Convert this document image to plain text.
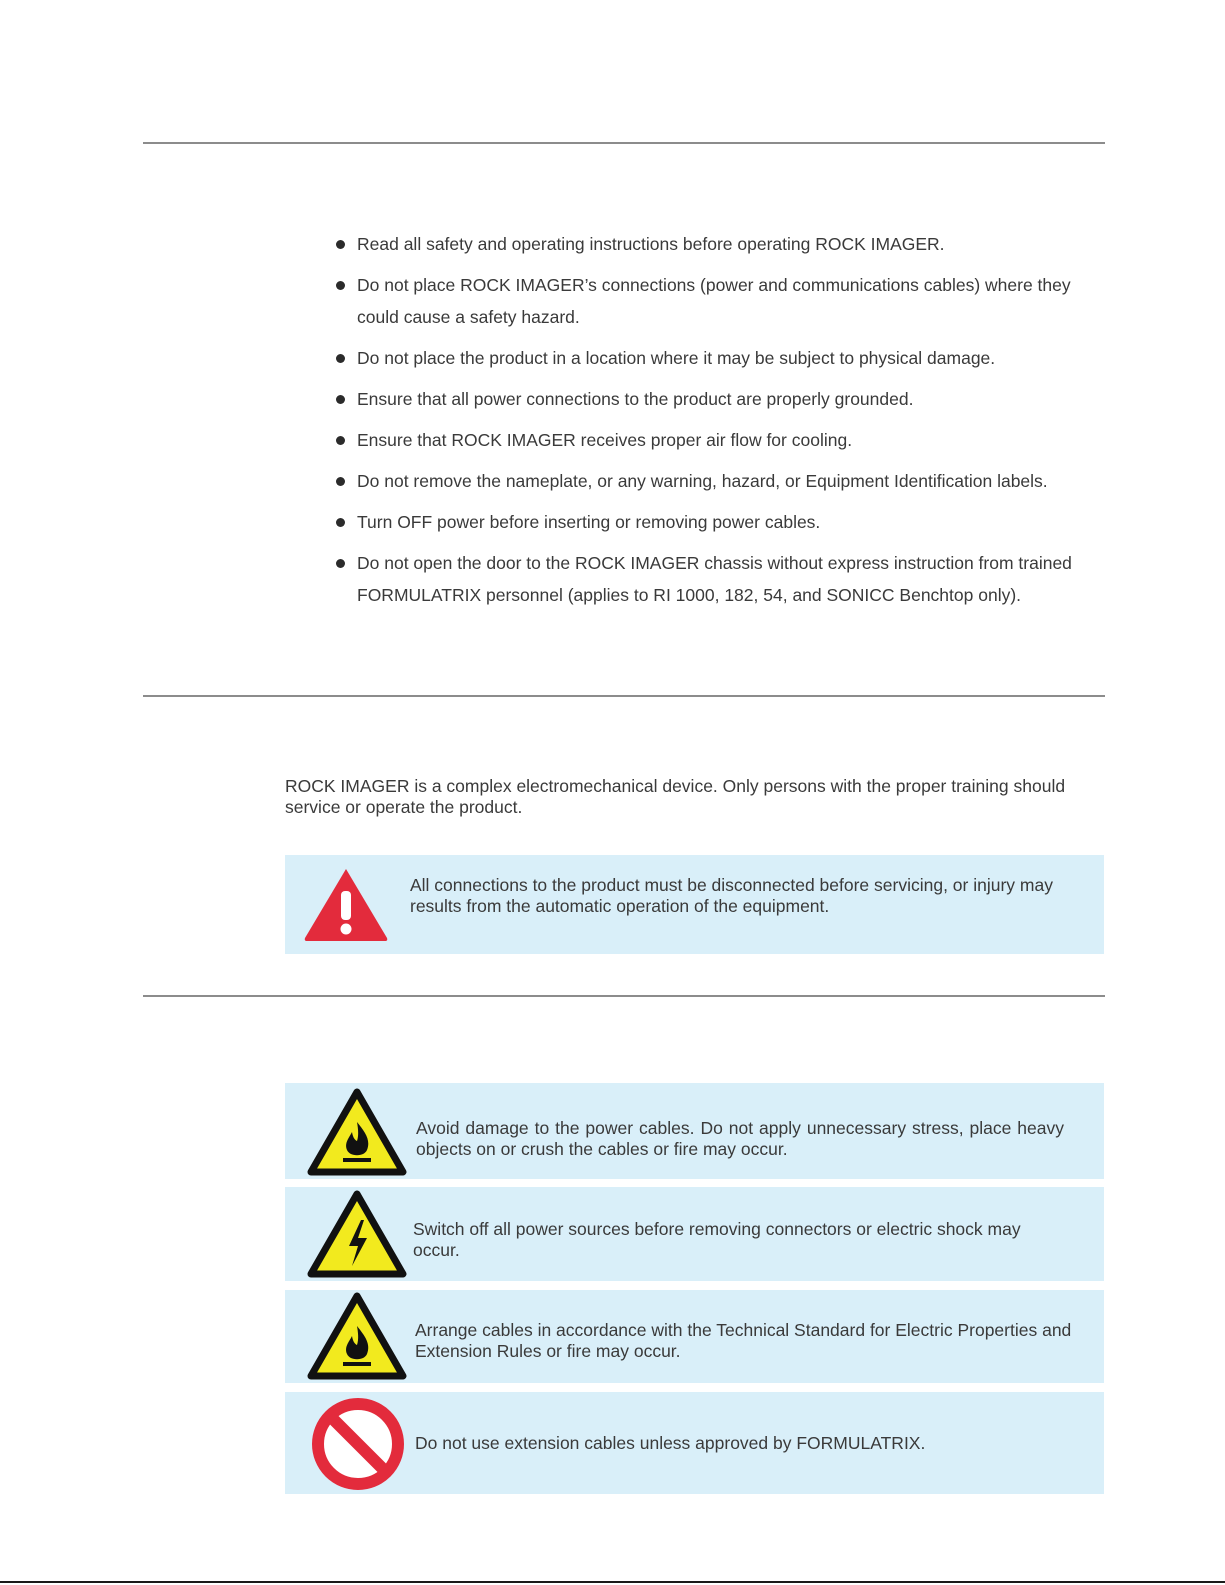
Read all safety and operating instructions before operating ROCK IMAGER.
Do not place ROCK IMAGER’s connections (power and communications cables) where they could cause a safety hazard.
Do not place the product in a location where it may be subject to physical damage.
Ensure that all power connections to the product are properly grounded.
Ensure that ROCK IMAGER receives proper air flow for cooling.
Do not remove the nameplate, or any warning, hazard, or Equipment Identification labels.
Turn OFF power before inserting or removing power cables.
Do not open the door to the ROCK IMAGER chassis without express instruction from trained FORMULATRIX personnel (applies to RI 1000, 182, 54, and SONICC Benchtop only).

ROCK IMAGER is a complex electromechanical device. Only persons with the proper training should service or operate the product.

All connections to the product must be disconnected before servicing, or injury may results from the automatic operation of the equipment.

Avoid damage to the power cables. Do not apply unnecessary stress, place heavy objects on or crush the cables or fire may occur.

Switch off all power sources before removing connectors or electric shock may occur.

Arrange cables in accordance with the Technical Standard for Electric Properties and Extension Rules or fire may occur.

Do not use extension cables unless approved by FORMULATRIX.
